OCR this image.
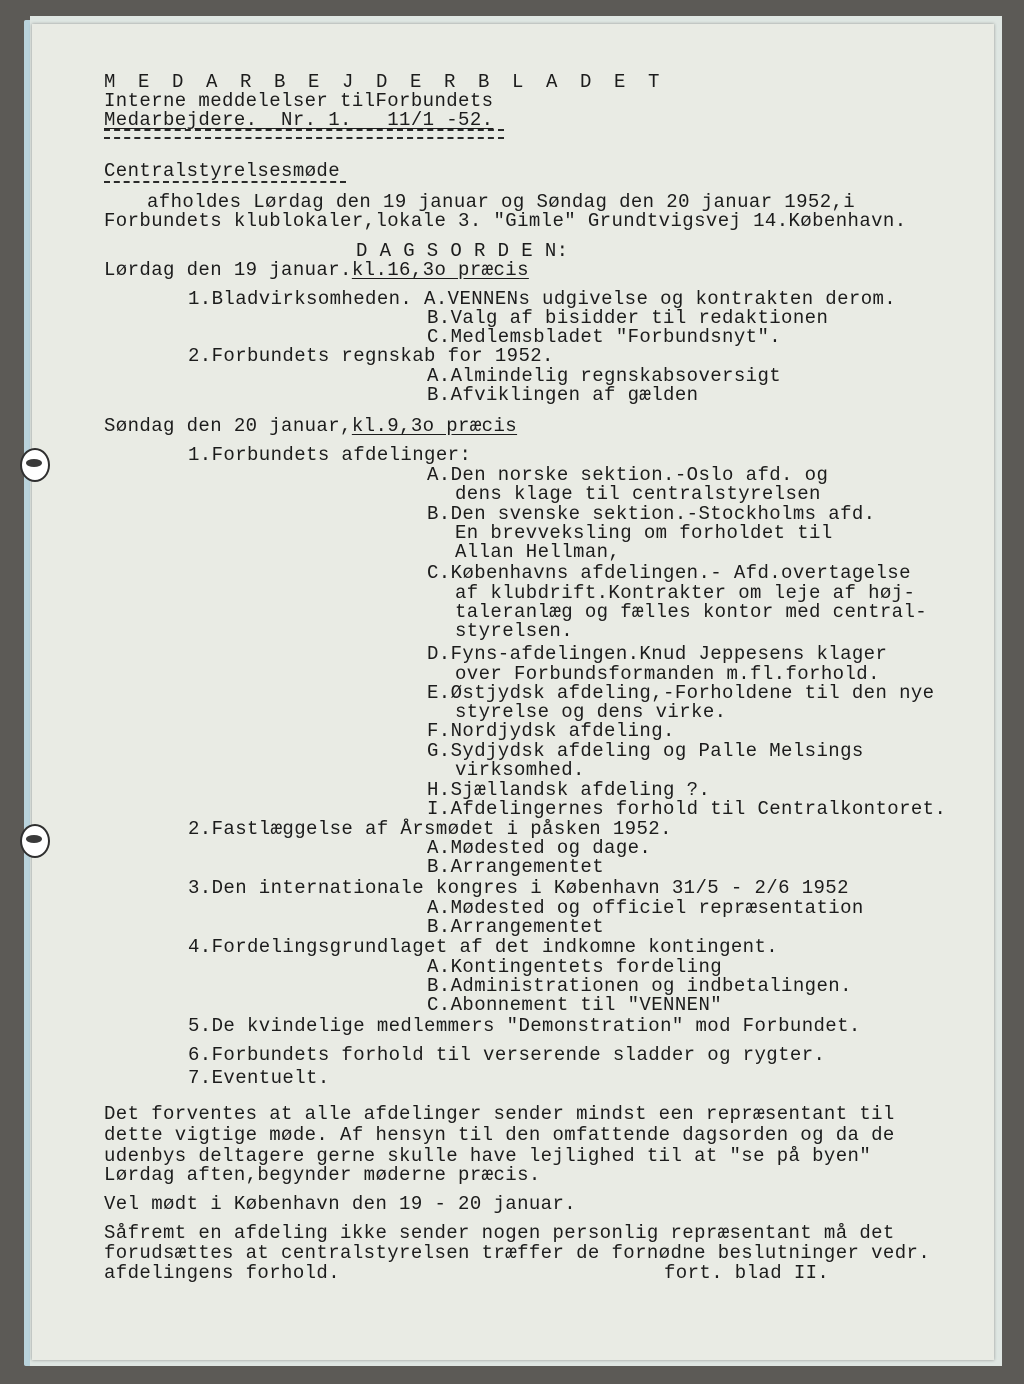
M E D A R B E J D E R B L A D E T
Interne meddelelser tilForbundets
Medarbejdere.  Nr. 1.   11/1 -52.
Centralstyrelsesmøde
afholdes Lørdag den 19 januar og Søndag den 20 januar 1952,i
Forbundets klublokaler,lokale 3. "Gimle" Grundtvigsvej 14.København.
D A G S O R D E N:
Lørdag den 19 januar.kl.16,3o præcis
1.Bladvirksomheden. A.VENNENs udgivelse og kontrakten derom.
B.Valg af bisidder til redaktionen
C.Medlemsbladet "Forbundsnyt".
2.Forbundets regnskab for 1952.
A.Almindelig regnskabsoversigt
B.Afviklingen af gælden
Søndag den 20 januar,kl.9,3o præcis
1.Forbundets afdelinger:
A.Den norske sektion.-Oslo afd. og
dens klage til centralstyrelsen
B.Den svenske sektion.-Stockholms afd.
En brevveksling om forholdet til
Allan Hellman,
C.Københavns afdelingen.- Afd.overtagelse
af klubdrift.Kontrakter om leje af høj-
taleranlæg og fælles kontor med central-
styrelsen.
D.Fyns-afdelingen.Knud Jeppesens klager
over Forbundsformanden m.fl.forhold.
E.Østjydsk afdeling,-Forholdene til den nye
styrelse og dens virke.
F.Nordjydsk afdeling.
G.Sydjydsk afdeling og Palle Melsings
virksomhed.
H.Sjællandsk afdeling ?.
I.Afdelingernes forhold til Centralkontoret.
2.Fastlæggelse af Årsmødet i påsken 1952.
A.Mødested og dage.
B.Arrangementet
3.Den internationale kongres i København 31/5 - 2/6 1952
A.Mødested og officiel repræsentation
B.Arrangementet
4.Fordelingsgrundlaget af det indkomne kontingent.
A.Kontingentets fordeling
B.Administrationen og indbetalingen.
C.Abonnement til "VENNEN"
5.De kvindelige medlemmers "Demonstration" mod Forbundet.
6.Forbundets forhold til verserende sladder og rygter.
7.Eventuelt.
Det forventes at alle afdelinger sender mindst een repræsentant til
dette vigtige møde. Af hensyn til den omfattende dagsorden og da de
udenbys deltagere gerne skulle have lejlighed til at "se på byen"
Lørdag aften,begynder møderne præcis.
Vel mødt i København den 19 - 20 januar.
Såfremt en afdeling ikke sender nogen personlig repræsentant må det
forudsættes at centralstyrelsen træffer de fornødne beslutninger vedr.
afdelingens forhold.	fort. blad II.
